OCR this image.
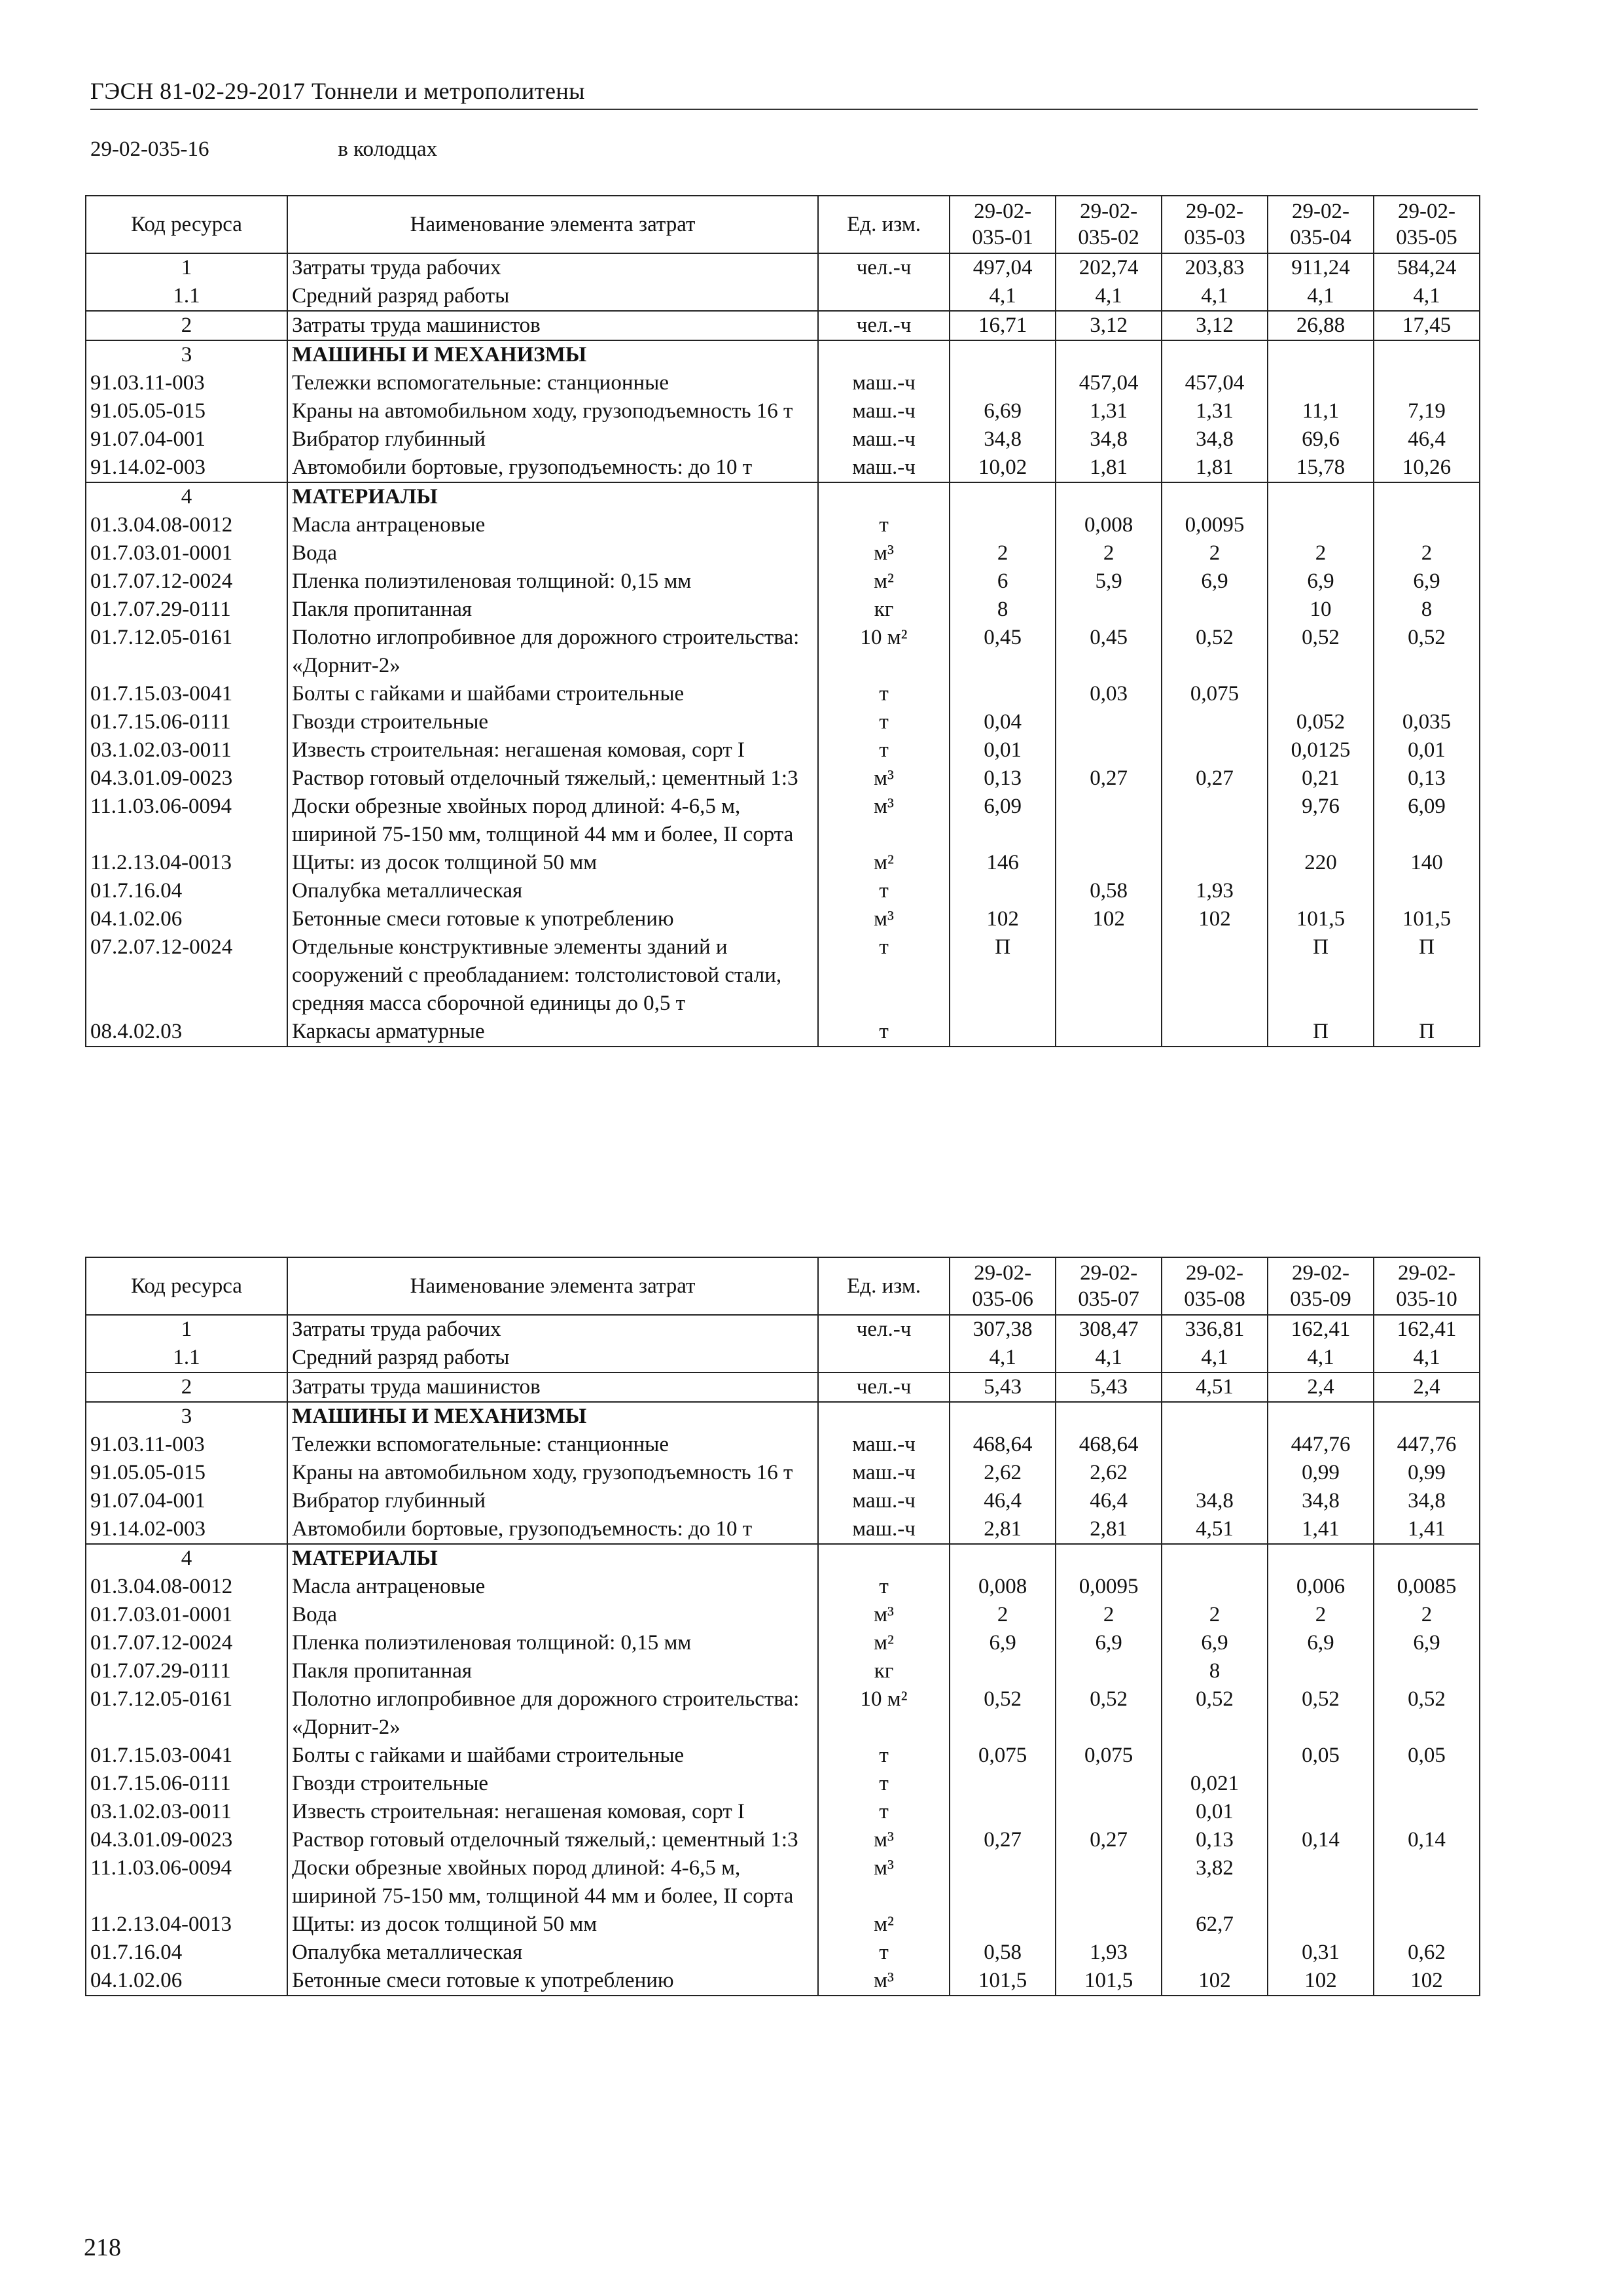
ГЭСН 81-02-29-2017 Тоннели и метрополитены
29-02-035-16	в колодцах
Код ресурса	Наименование элемента затрат	Ед. изм.	29-02-035-01	29-02-035-02	29-02-035-03	29-02-035-04	29-02-035-05
1	Затраты труда рабочих	чел.-ч	497,04	202,74	203,83	911,24	584,24
1.1	Средний разряд работы		4,1	4,1	4,1	4,1	4,1
2	Затраты труда машинистов	чел.-ч	16,71	3,12	3,12	26,88	17,45
3	МАШИНЫ И МЕХАНИЗМЫ						
91.03.11-003	Тележки вспомогательные: станционные	маш.-ч		457,04	457,04		
91.05.05-015	Краны на автомобильном ходу, грузоподъемность 16 т	маш.-ч	6,69	1,31	1,31	11,1	7,19
91.07.04-001	Вибратор глубинный	маш.-ч	34,8	34,8	34,8	69,6	46,4
91.14.02-003	Автомобили бортовые, грузоподъемность: до 10 т	маш.-ч	10,02	1,81	1,81	15,78	10,26
4	МАТЕРИАЛЫ						
01.3.04.08-0012	Масла антраценовые	т		0,008	0,0095		
01.7.03.01-0001	Вода	м³	2	2	2	2	2
01.7.07.12-0024	Пленка полиэтиленовая толщиной: 0,15 мм	м²	6	5,9	6,9	6,9	6,9
01.7.07.29-0111	Пакля пропитанная	кг	8			10	8
01.7.12.05-0161	Полотно иглопробивное для дорожного строительства: «Дорнит-2»	10 м²	0,45	0,45	0,52	0,52	0,52
01.7.15.03-0041	Болты с гайками и шайбами строительные	т		0,03	0,075		
01.7.15.06-0111	Гвозди строительные	т	0,04			0,052	0,035
03.1.02.03-0011	Известь строительная: негашеная комовая, сорт I	т	0,01			0,0125	0,01
04.3.01.09-0023	Раствор готовый отделочный тяжелый,: цементный 1:3	м³	0,13	0,27	0,27	0,21	0,13
11.1.03.06-0094	Доски обрезные хвойных пород длиной: 4-6,5 м, шириной 75-150 мм, толщиной 44 мм и более, II сорта	м³	6,09			9,76	6,09
11.2.13.04-0013	Щиты: из досок толщиной 50 мм	м²	146			220	140
01.7.16.04	Опалубка металлическая	т		0,58	1,93		
04.1.02.06	Бетонные смеси готовые к употреблению	м³	102	102	102	101,5	101,5
07.2.07.12-0024	Отдельные конструктивные элементы зданий и сооружений с преобладанием: толстолистовой стали, средняя масса сборочной единицы до 0,5 т	т	П			П	П
08.4.02.03	Каркасы арматурные	т				П	П
Код ресурса	Наименование элемента затрат	Ед. изм.	29-02-035-06	29-02-035-07	29-02-035-08	29-02-035-09	29-02-035-10
1	Затраты труда рабочих	чел.-ч	307,38	308,47	336,81	162,41	162,41
1.1	Средний разряд работы		4,1	4,1	4,1	4,1	4,1
2	Затраты труда машинистов	чел.-ч	5,43	5,43	4,51	2,4	2,4
3	МАШИНЫ И МЕХАНИЗМЫ						
91.03.11-003	Тележки вспомогательные: станционные	маш.-ч	468,64	468,64		447,76	447,76
91.05.05-015	Краны на автомобильном ходу, грузоподъемность 16 т	маш.-ч	2,62	2,62		0,99	0,99
91.07.04-001	Вибратор глубинный	маш.-ч	46,4	46,4	34,8	34,8	34,8
91.14.02-003	Автомобили бортовые, грузоподъемность: до 10 т	маш.-ч	2,81	2,81	4,51	1,41	1,41
4	МАТЕРИАЛЫ						
01.3.04.08-0012	Масла антраценовые	т	0,008	0,0095		0,006	0,0085
01.7.03.01-0001	Вода	м³	2	2	2	2	2
01.7.07.12-0024	Пленка полиэтиленовая толщиной: 0,15 мм	м²	6,9	6,9	6,9	6,9	6,9
01.7.07.29-0111	Пакля пропитанная	кг			8		
01.7.12.05-0161	Полотно иглопробивное для дорожного строительства: «Дорнит-2»	10 м²	0,52	0,52	0,52	0,52	0,52
01.7.15.03-0041	Болты с гайками и шайбами строительные	т	0,075	0,075		0,05	0,05
01.7.15.06-0111	Гвозди строительные	т			0,021		
03.1.02.03-0011	Известь строительная: негашеная комовая, сорт I	т			0,01		
04.3.01.09-0023	Раствор готовый отделочный тяжелый,: цементный 1:3	м³	0,27	0,27	0,13	0,14	0,14
11.1.03.06-0094	Доски обрезные хвойных пород длиной: 4-6,5 м, шириной 75-150 мм, толщиной 44 мм и более, II сорта	м³			3,82		
11.2.13.04-0013	Щиты: из досок толщиной 50 мм	м²			62,7		
01.7.16.04	Опалубка металлическая	т	0,58	1,93		0,31	0,62
04.1.02.06	Бетонные смеси готовые к употреблению	м³	101,5	101,5	102	102	102
218
